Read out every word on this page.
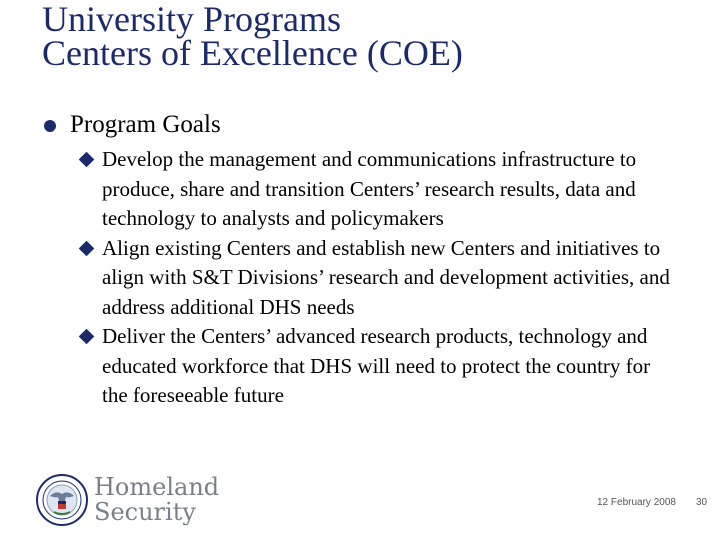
University Programs
Centers of Excellence (COE)
Program Goals

Develop the management and communications infrastructure to produce, share and transition Centers’ research results, data and technology to analysts and policymakers

Align existing Centers and establish new Centers and initiatives to align with S&T Divisions’ research and development activities, and address additional DHS needs

Deliver the Centers’ advanced research products, technology and educated workforce that DHS will need to protect the country for the foreseeable future

Homeland
Security	12 February 2008 30
